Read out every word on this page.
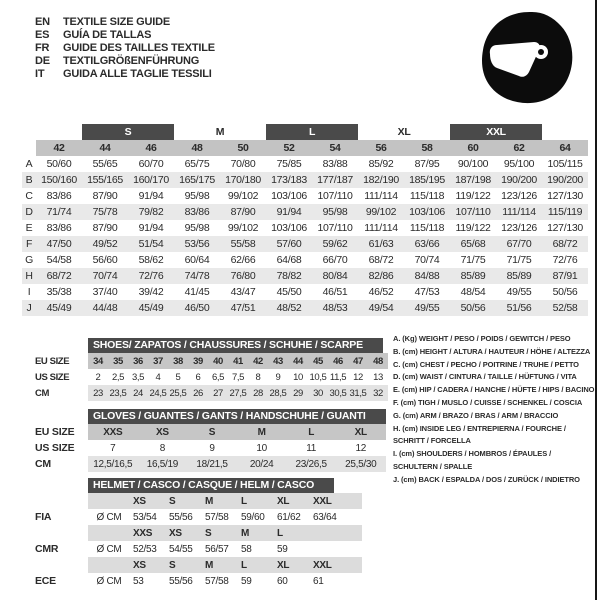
EN	TEXTILE SIZE GUIDE
ES	GUÍA DE TALLAS
FR	GUIDE DES TAILLES TEXTILE
DE	TEXTILGRÖßENFÜHRUNG
IT	GUIDA ALLE TAGLIE TESSILI
		S		M		L		XL		XXL		
	42	44	46	48	50	52	54	56	58	60	62	64
A	50/60	55/65	60/70	65/75	70/80	75/85	83/88	85/92	87/95	90/100	95/100	105/115
B	150/160	155/165	160/170	165/175	170/180	173/183	177/187	182/190	185/195	187/198	190/200	190/200
C	83/86	87/90	91/94	95/98	99/102	103/106	107/110	111/114	115/118	119/122	123/126	127/130
D	71/74	75/78	79/82	83/86	87/90	91/94	95/98	99/102	103/106	107/110	111/114	115/119
E	83/86	87/90	91/94	95/98	99/102	103/106	107/110	111/114	115/118	119/122	123/126	127/130
F	47/50	49/52	51/54	53/56	55/58	57/60	59/62	61/63	63/66	65/68	67/70	68/72
G	54/58	56/60	58/62	60/64	62/66	64/68	66/70	68/72	70/74	71/75	71/75	72/76
H	68/72	70/74	72/76	74/78	76/80	78/82	80/84	82/86	84/88	85/89	85/89	87/91
I	35/38	37/40	39/42	41/45	43/47	45/50	46/51	46/52	47/53	48/54	49/55	50/56
J	45/49	44/48	45/49	46/50	47/51	48/52	48/53	49/54	49/55	50/56	51/56	52/58
	SHOES/ ZAPATOS / CHAUSSURES / SCHUHE / SCARPE														
EU SIZE	34	35	36	37	38	39	40	41	42	43	44	45	46	47	48
US SIZE	2	2,5	3,5	4	5	6	6,5	7,5	8	9	10	10,5	11,5	12	13
CM	23	23,5	24	24,5	25,5	26	27	27,5	28	28,5	29	30	30,5	31,5	32
	GLOVES / GUANTES / GANTS / HANDSCHUHE / GUANTI					
EU SIZE	XXS	XS	S	M	L	XL
US SIZE	7	8	9	10	11	12
CM	12,5/16,5	16,5/19	18/21,5	20/24	23/26,5	25,5/30
	HELMET / CASCO / CASQUE / HELM / CASCO							
		XS	S	M	L	XL	XXL	
FIA	Ø CM	53/54	55/56	57/58	59/60	61/62	63/64	
		XXS	XS	S	M	L		
CMR	Ø CM	52/53	54/55	56/57	58	59		
		XS	S	M	L	XL	XXL	
ECE	Ø CM	53	55/56	57/58	59	60	61	
A. (Kg) WEIGHT / PESO / POIDS / GEWITCH / PESO
B. (cm) HEIGHT / ALTURA / HAUTEUR / HÖHE / ALTEZZA
C. (cm) CHEST / PECHO / POITRINE / TRUHE / PETTO
D. (cm) WAIST / CINTURA / TAILLE / HÜFTUNG / VITA
E. (cm) HIP / CADERA / HANCHE / HÜFTE / HIPS / BACINO
F. (cm) TIGH / MUSLO / CUISSE / SCHENKEL / COSCIA
G. (cm) ARM / BRAZO / BRAS / ARM / BRACCIO
H. (cm) INSIDE LEG / ENTREPIERNA / FOURCHE /
SCHRITT / FORCELLA
I. (cm) SHOULDERS / HOMBROS / ÉPAULES /
SCHULTERN / SPALLE
J. (cm) BACK / ESPALDA / DOS / ZURÜCK / INDIETRO
